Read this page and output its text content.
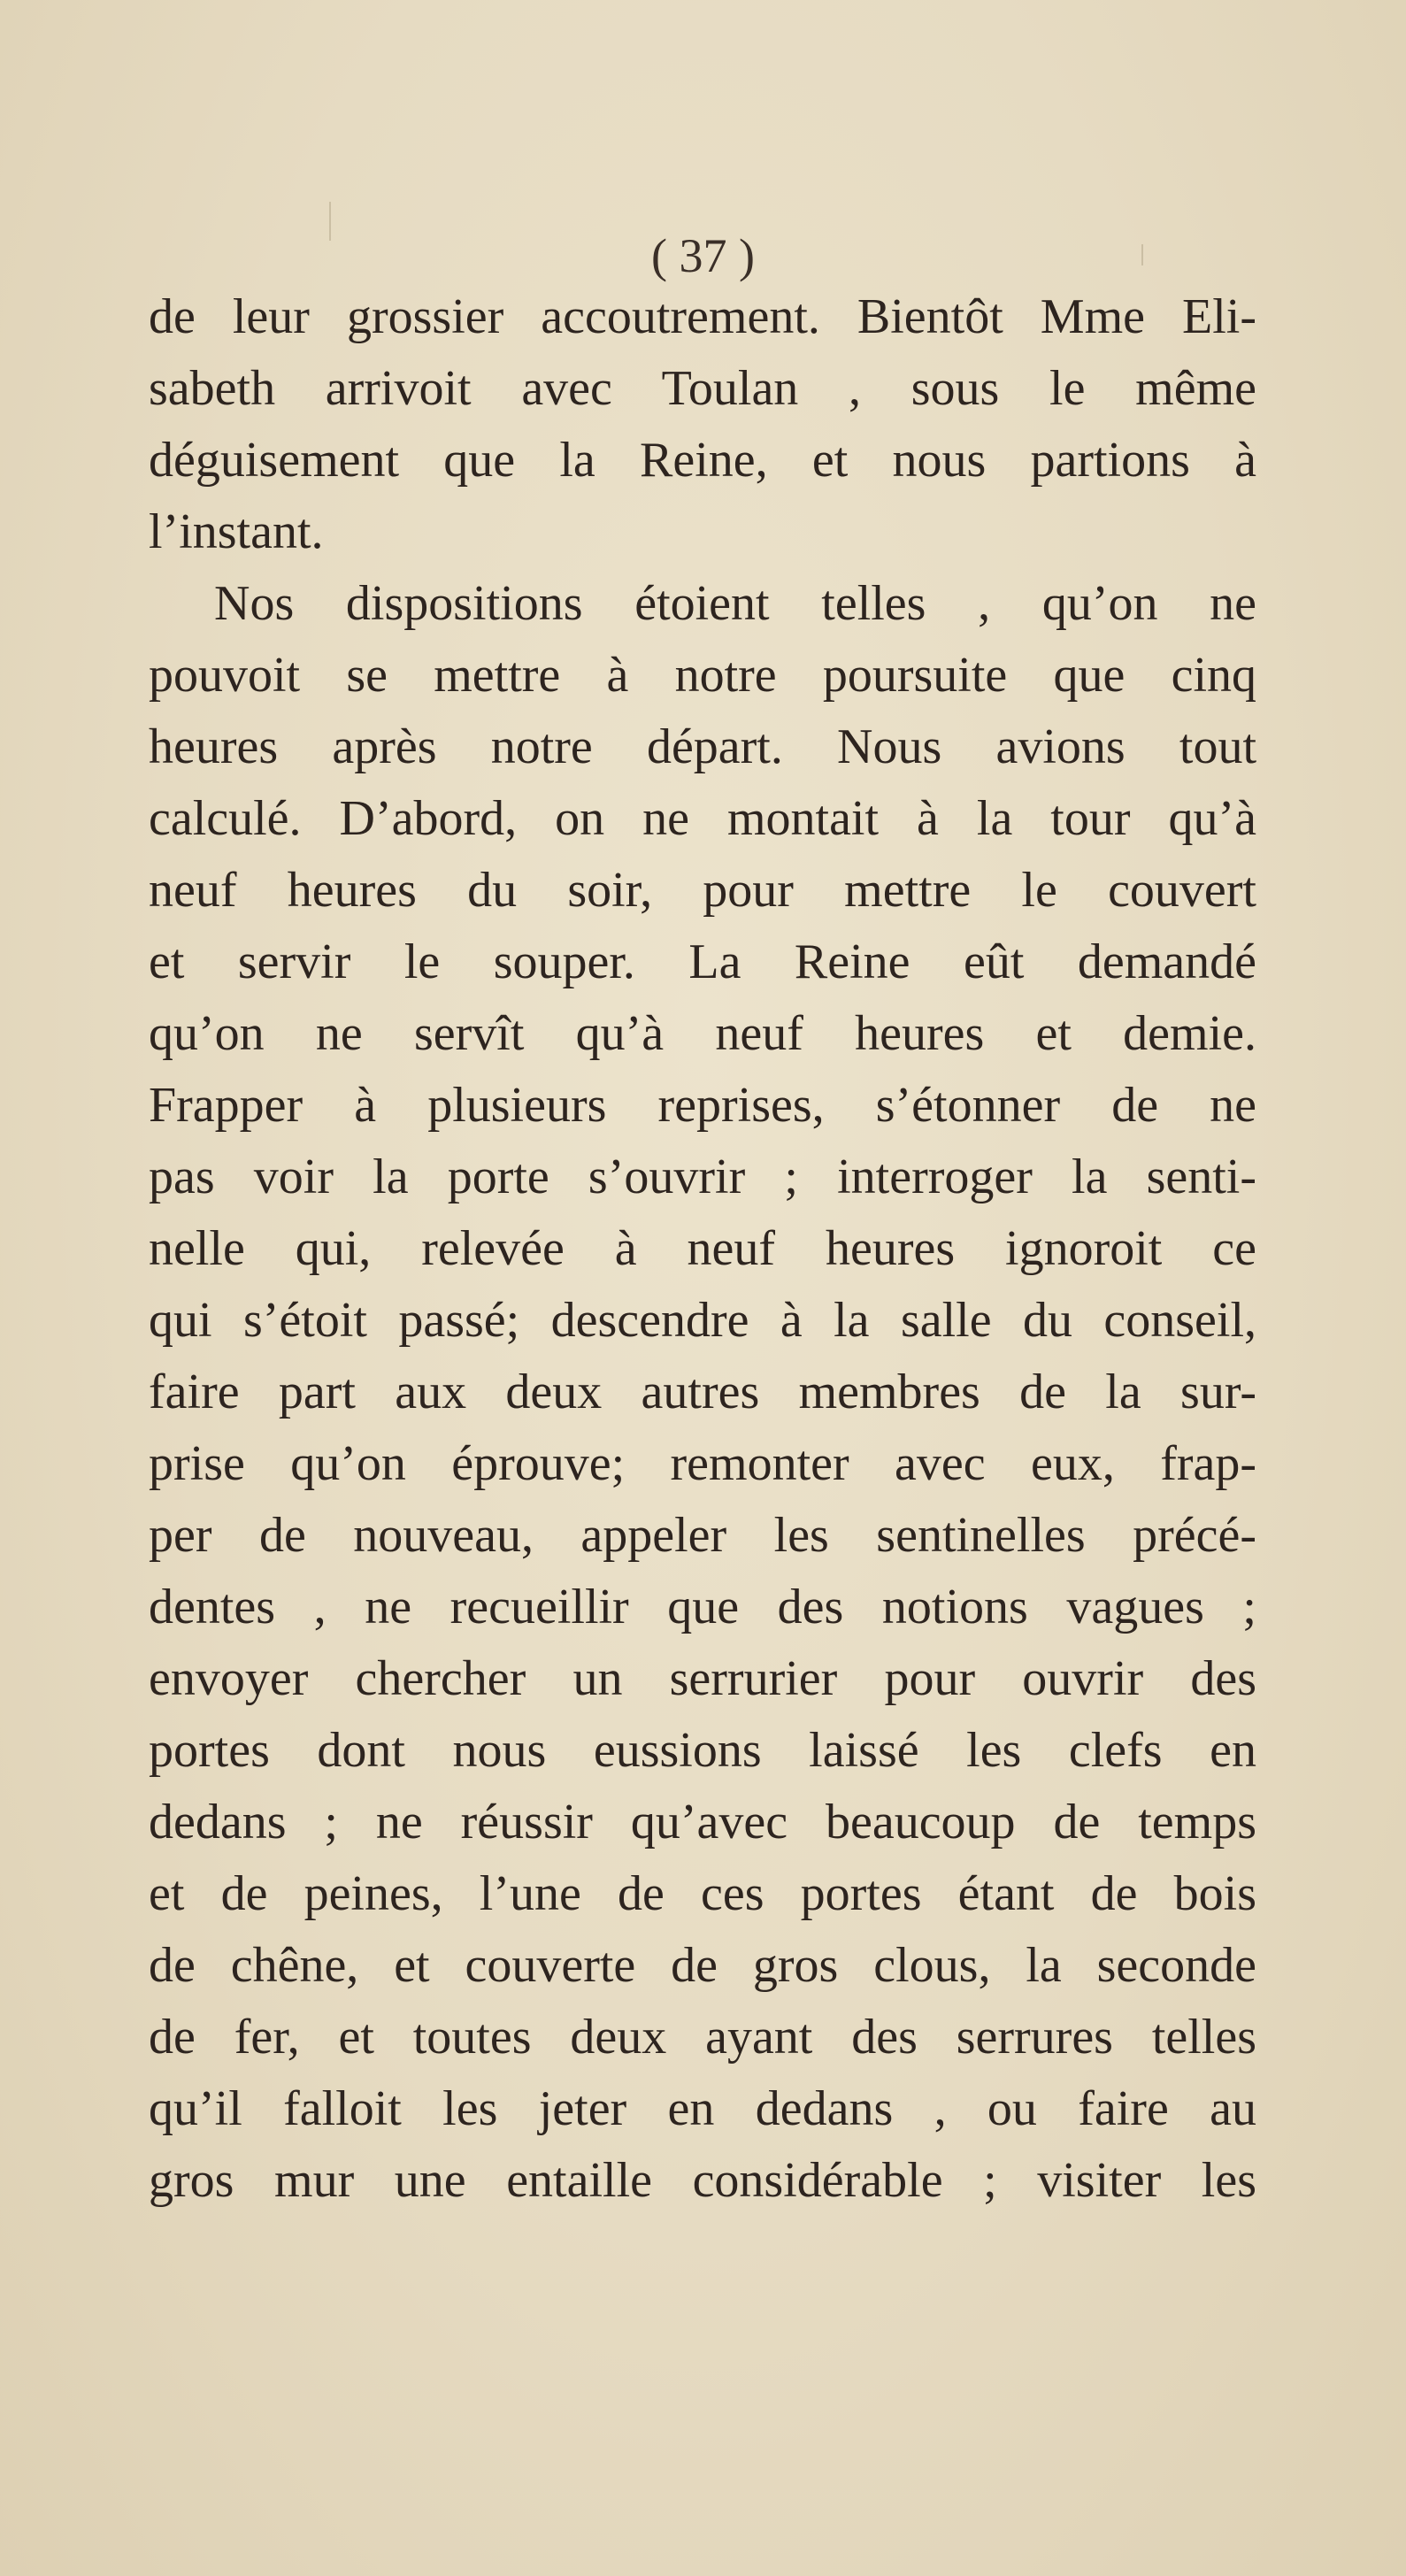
( 37 )
de leur grossier accoutrement. Bientôt Mme Eli-
sabeth arrivoit avec Toulan , sous le même
déguisement que la Reine, et nous partions à
l’instant.
Nos dispositions étoient telles , qu’on ne
pouvoit se mettre à notre poursuite que cinq
heures après notre départ. Nous avions tout
calculé. D’abord, on ne montait à la tour qu’à
neuf heures du soir, pour mettre le couvert
et servir le souper. La Reine eût demandé
qu’on ne servît qu’à neuf heures et demie.
Frapper à plusieurs reprises, s’étonner de ne
pas voir la porte s’ouvrir ; interroger la senti-
nelle qui, relevée à neuf heures ignoroit ce
qui s’étoit passé; descendre à la salle du conseil,
faire part aux deux autres membres de la sur-
prise qu’on éprouve; remonter avec eux, frap-
per de nouveau, appeler les sentinelles précé-
dentes , ne recueillir que des notions vagues ;
envoyer chercher un serrurier pour ouvrir des
portes dont nous eussions laissé les clefs en
dedans ; ne réussir qu’avec beaucoup de temps
et de peines, l’une de ces portes étant de bois
de chêne, et couverte de gros clous, la seconde
de fer, et toutes deux ayant des serrures telles
qu’il falloit les jeter en dedans , ou faire au
gros mur une entaille considérable ; visiter les
